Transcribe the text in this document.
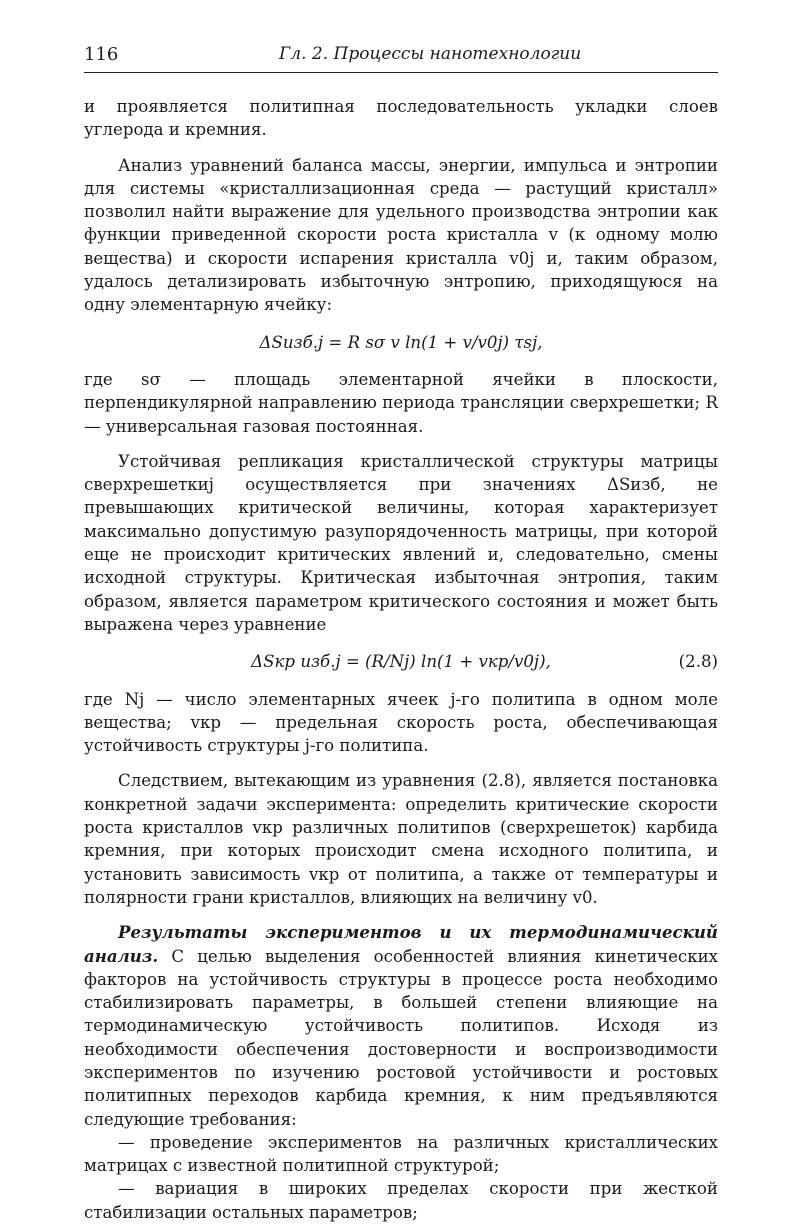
116	Гл. 2. Процессы нанотехнологии

и проявляется политипная последовательность укладки слоев углерода и кремния.

Анализ уравнений баланса массы, энергии, импульса и энтропии для системы «кристаллизационная среда — растущий кристалл» позволил найти выражение для удельного производства энтропии как функции приведенной скорости роста кристалла v (к одному молю вещества) и скорости испарения кристалла v0j и, таким образом, удалось детализировать избыточную энтропию, приходящуюся на одну элементарную ячейку:

ΔSизб.j = R sσ v ln(1 + v/v0j) τsj,

где sσ — площадь элементарной ячейки в плоскости, перпендикулярной направлению периода трансляции сверхрешетки; R — универсальная газовая постоянная.

Устойчивая репликация кристаллической структуры матрицы сверхрешеткиj осуществляется при значениях ΔSизб, не превышающих критической величины, которая характеризует максимально допустимую разупорядоченность матрицы, при которой еще не происходит критических явлений и, следовательно, смены исходной структуры. Критическая избыточная энтропия, таким образом, является параметром критического состояния и может быть выражена через уравнение

ΔSкр изб.j = (R/Nj) ln(1 + vкр/v0j),	(2.8)

где Nj — число элементарных ячеек j-го политипа в одном моле вещества; vкр — предельная скорость роста, обеспечивающая устойчивость структуры j-го политипа.

Следствием, вытекающим из уравнения (2.8), является постановка конкретной задачи эксперимента: определить критические скорости роста кристаллов vкр различных политипов (сверхрешеток) карбида кремния, при которых происходит смена исходного политипа, и установить зависимость vкр от политипа, а также от температуры и полярности грани кристаллов, влияющих на величину v0.

Результаты экспериментов и их термодинамический анализ. С целью выделения особенностей влияния кинетических факторов на устойчивость структуры в процессе роста необходимо стабилизировать параметры, в большей степени влияющие на термодинамическую устойчивость политипов. Исходя из необходимости обеспечения достоверности и воспроизводимости экспериментов по изучению ростовой устойчивости и ростовых политипных переходов карбида кремния, к ним предъявляются следующие требования:

— проведение экспериментов на различных кристаллических матрицах с известной политипной структурой;

— вариация в широких пределах скорости при жесткой стабилизации остальных параметров;
